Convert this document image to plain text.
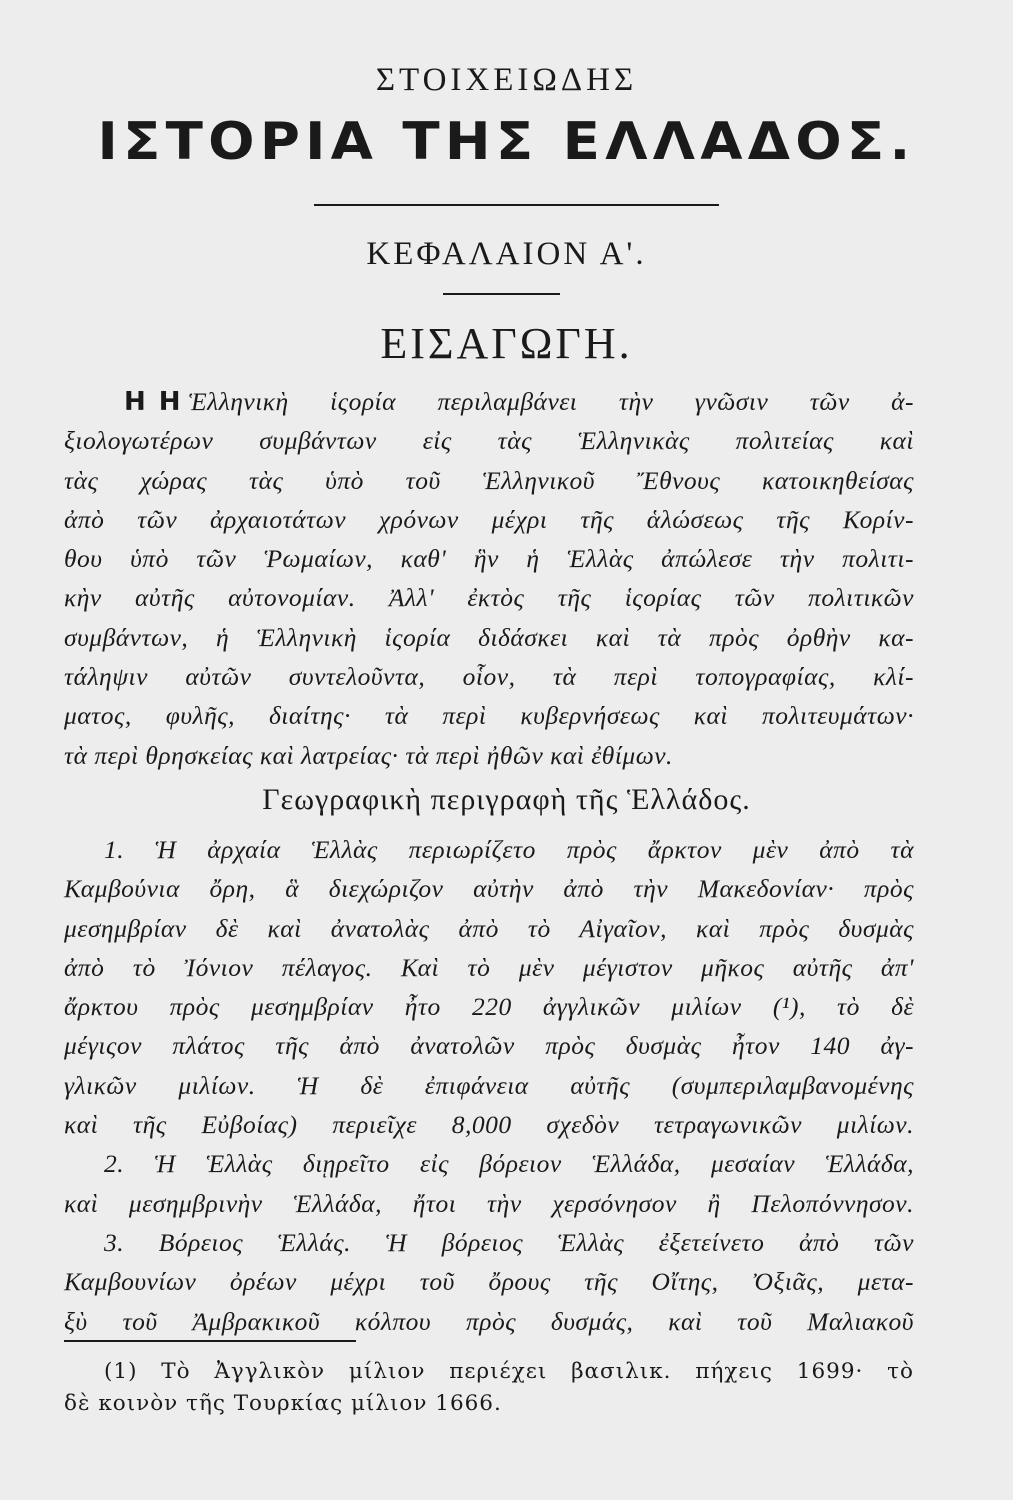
ΣΤΟΙΧΕΙΩΔΗΣ
ΙΣΤΟΡΙΑ ΤΗΣ ΕΛΛΑΔΟΣ.
ΚΕΦΑΛΑΙΟΝ Α'.
ΕΙΣΑΓΩΓΗ.
Η Η Ἑλληνικὴ ἱςορία περιλαμβάνει τὴν γνῶσιν τῶν ἀ-
ξιολογωτέρων συμβάντων εἰς τὰς Ἑλληνικὰς πολιτείας καὶ
τὰς χώρας τὰς ὑπὸ τοῦ Ἑλληνικοῦ Ἔθνους κατοικηθείσας
ἀπὸ τῶν ἀρχαιοτάτων χρόνων μέχρι τῆς ἁλώσεως τῆς Κορίν-
θου ὑπὸ τῶν Ῥωμαίων, καθ' ἣν ἡ Ἑλλὰς ἀπώλεσε τὴν πολιτι-
κὴν αὐτῆς αὐτονομίαν. Ἀλλ' ἐκτὸς τῆς ἱςορίας τῶν πολιτικῶν
συμβάντων, ἡ Ἑλληνικὴ ἱςορία διδάσκει καὶ τὰ πρὸς ὀρθὴν κα-
τάληψιν αὐτῶν συντελοῦντα, οἷον, τὰ περὶ τοπογραφίας, κλί-
ματος, φυλῆς, διαίτης· τὰ περὶ κυβερνήσεως καὶ πολιτευμάτων·
τὰ περὶ θρησκείας καὶ λατρείας· τὰ περὶ ἠθῶν καὶ ἐθίμων.
Γεωγραφικὴ περιγραφὴ τῆς Ἑλλάδος.
1. Ἡ ἀρχαία Ἑλλὰς περιωρίζετο πρὸς ἄρκτον μὲν ἀπὸ τὰ
Καμβούνια ὄρη, ἃ διεχώριζον αὐτὴν ἀπὸ τὴν Μακεδονίαν· πρὸς
μεσημβρίαν δὲ καὶ ἀνατολὰς ἀπὸ τὸ Αἰγαῖον, καὶ πρὸς δυσμὰς
ἀπὸ τὸ Ἰόνιον πέλαγος. Καὶ τὸ μὲν μέγιστον μῆκος αὐτῆς ἀπ'
ἄρκτου πρὸς μεσημβρίαν ἦτο 220 ἀγγλικῶν μιλίων (¹), τὸ δὲ
μέγιςον πλάτος τῆς ἀπὸ ἀνατολῶν πρὸς δυσμὰς ἦτον 140 ἀγ-
γλικῶν μιλίων. Ἡ δὲ ἐπιφάνεια αὐτῆς (συμπεριλαμβανομένης
καὶ τῆς Εὐβοίας) περιεῖχε 8,000 σχεδὸν τετραγωνικῶν μιλίων.
2. Ἡ Ἑλλὰς διῃρεῖτο εἰς βόρειον Ἑλλάδα, μεσαίαν Ἑλλάδα,
καὶ μεσημβρινὴν Ἑλλάδα, ἤτοι τὴν χερσόνησον ἢ Πελοπόννησον.
3. Βόρειος Ἑλλάς. Ἡ βόρειος Ἑλλὰς ἐξετείνετο ἀπὸ τῶν
Καμβουνίων ὀρέων μέχρι τοῦ ὄρους τῆς Οἴτης, Ὀξιᾶς, μετα-
ξὺ τοῦ Ἀμβρακικοῦ κόλπου πρὸς δυσμάς, καὶ τοῦ Μαλιακοῦ
(1) Τὸ Ἀγγλικὸν μίλιον περιέχει βασιλικ. πήχεις 1699· τὸ
δὲ κοινὸν τῆς Τουρκίας μίλιον 1666.
